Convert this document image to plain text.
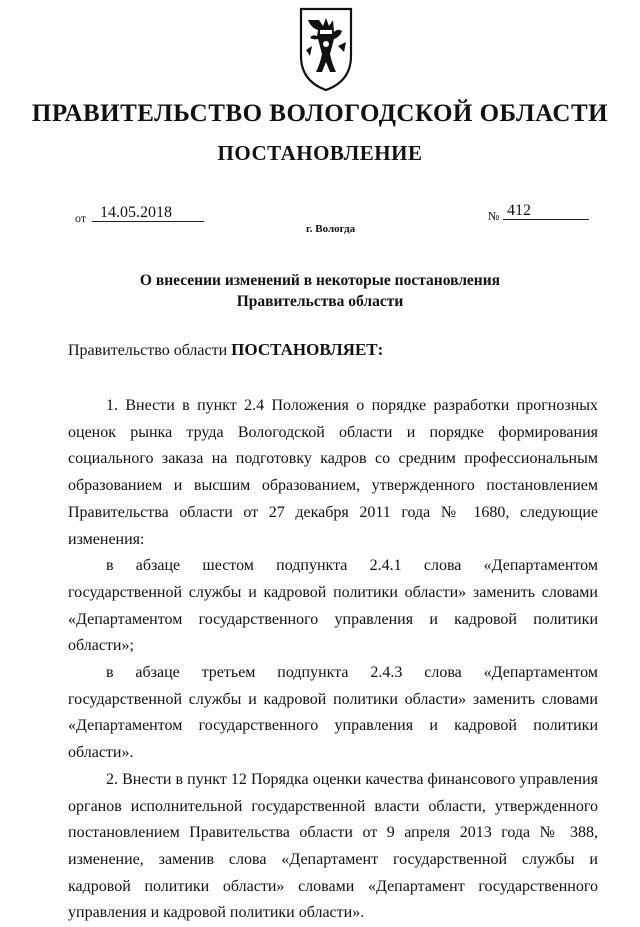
ПРАВИТЕЛЬСТВО ВОЛОГОДСКОЙ ОБЛАСТИ
ПОСТАНОВЛЕНИЕ
от 14.05.2018	№ 412
г. Вологда
О внесении изменений в некоторые постановления
Правительства области
Правительство области ПОСТАНОВЛЯЕТ:

1. Внести в пункт 2.4 Положения о порядке разработки прогнозных оценок рынка труда Вологодской области и порядке формирования социального заказа на подготовку кадров со средним профессиональным образованием и высшим образованием, утвержденного постановлением Правительства области от 27 декабря 2011 года № 1680, следующие изменения:

в абзаце шестом подпункта 2.4.1 слова «Департаментом государственной службы и кадровой политики области» заменить словами «Департаментом государственного управления и кадровой политики области»;

в абзаце третьем подпункта 2.4.3 слова «Департаментом государственной службы и кадровой политики области» заменить словами «Департаментом государственного управления и кадровой политики области».

2. Внести в пункт 12 Порядка оценки качества финансового управления органов исполнительной государственной власти области, утвержденного постановлением Правительства области от 9 апреля 2013 года № 388, изменение, заменив слова «Департамент государственной службы и кадровой политики области» словами «Департамент государственного управления и кадровой политики области».
